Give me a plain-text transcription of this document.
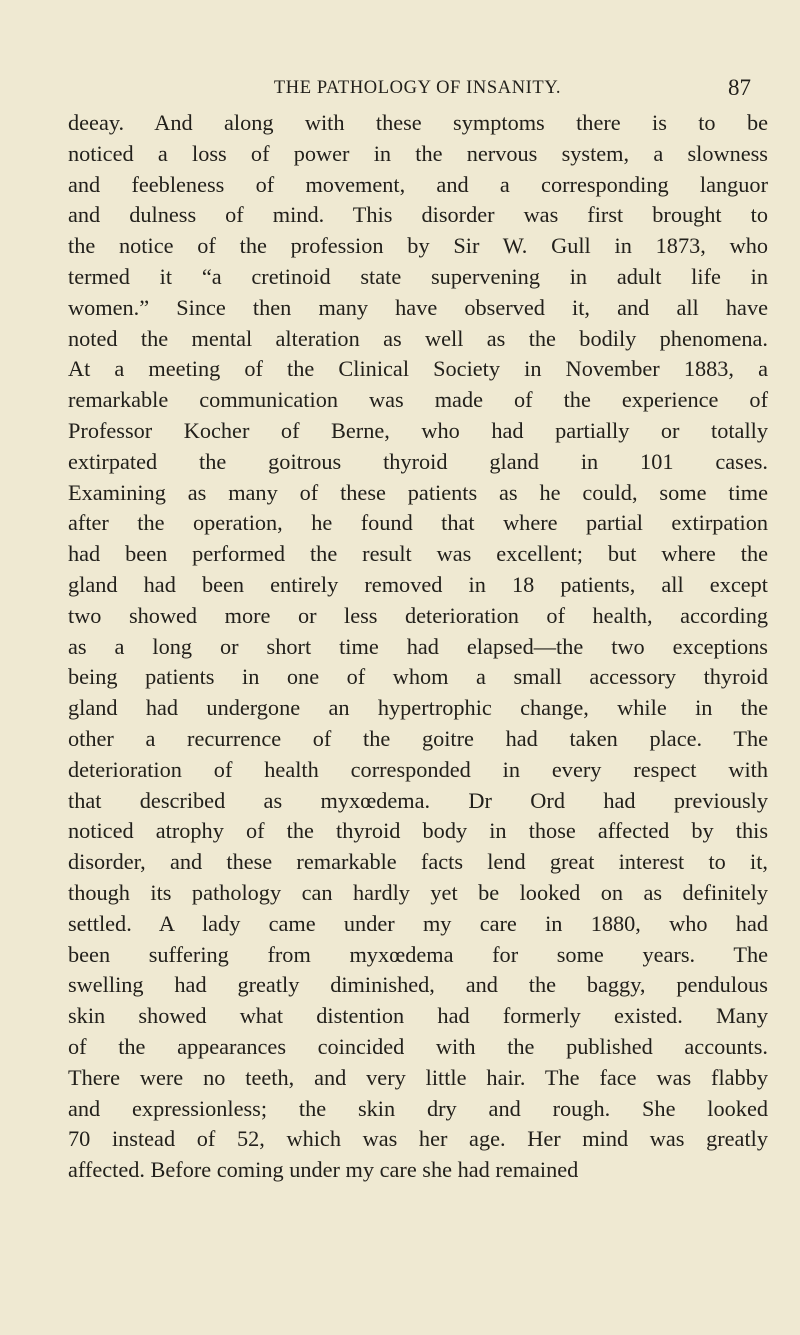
THE PATHOLOGY OF INSANITY.	87
deeay. And along with these symptoms there is to be
noticed a loss of power in the nervous system, a slowness
and feebleness of movement, and a corresponding languor
and dulness of mind. This disorder was first brought to
the notice of the profession by Sir W. Gull in 1873, who
termed it “a cretinoid state supervening in adult life in
women.” Since then many have observed it, and all have
noted the mental alteration as well as the bodily phenomena.
At a meeting of the Clinical Society in November 1883, a
remarkable communication was made of the experience of
Professor Kocher of Berne, who had partially or totally
extirpated the goitrous thyroid gland in 101 cases.
Examining as many of these patients as he could, some time
after the operation, he found that where partial extirpation
had been performed the result was excellent; but where the
gland had been entirely removed in 18 patients, all except
two showed more or less deterioration of health, according
as a long or short time had elapsed—the two exceptions
being patients in one of whom a small accessory thyroid
gland had undergone an hypertrophic change, while in the
other a recurrence of the goitre had taken place. The
deterioration of health corresponded in every respect with
that described as myxœdema. Dr Ord had previously
noticed atrophy of the thyroid body in those affected by this
disorder, and these remarkable facts lend great interest to it,
though its pathology can hardly yet be looked on as definitely
settled. A lady came under my care in 1880, who had
been suffering from myxœdema for some years. The
swelling had greatly diminished, and the baggy, pendulous
skin showed what distention had formerly existed. Many
of the appearances coincided with the published accounts.
There were no teeth, and very little hair. The face was flabby
and expressionless; the skin dry and rough. She looked
70 instead of 52, which was her age. Her mind was greatly
affected. Before coming under my care she had remained
